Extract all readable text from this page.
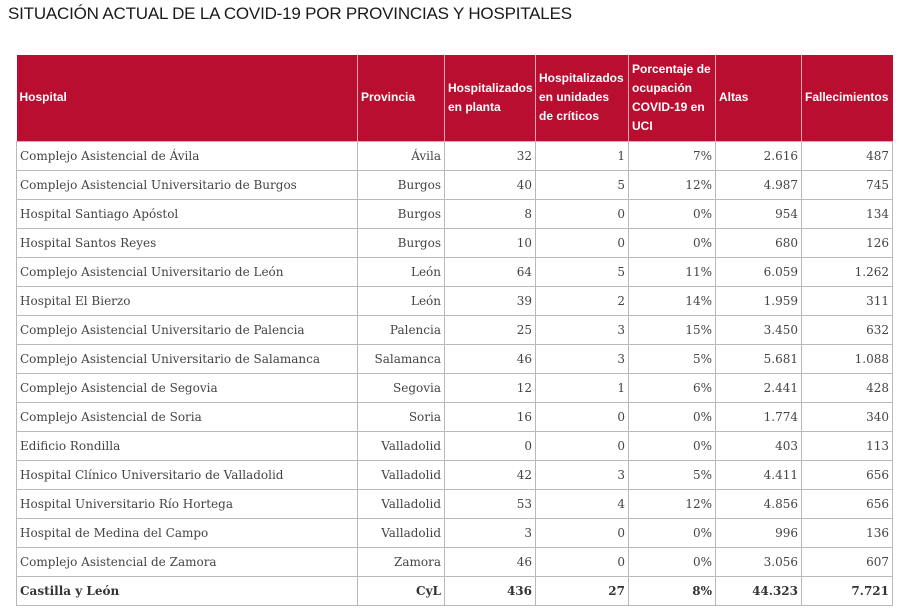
SITUACIÓN ACTUAL DE LA COVID-19 POR PROVINCIAS Y HOSPITALES
Hospital	Provincia	Hospitalizados en planta	Hospitalizados en unidades de críticos	Porcentaje de ocupación COVID-19 en UCI	Altas	Fallecimientos
Complejo Asistencial de Ávila	Ávila	32	1	7%	2.616	487
Complejo Asistencial Universitario de Burgos	Burgos	40	5	12%	4.987	745
Hospital Santiago Apóstol	Burgos	8	0	0%	954	134
Hospital Santos Reyes	Burgos	10	0	0%	680	126
Complejo Asistencial Universitario de León	León	64	5	11%	6.059	1.262
Hospital El Bierzo	León	39	2	14%	1.959	311
Complejo Asistencial Universitario de Palencia	Palencia	25	3	15%	3.450	632
Complejo Asistencial Universitario de Salamanca	Salamanca	46	3	5%	5.681	1.088
Complejo Asistencial de Segovia	Segovia	12	1	6%	2.441	428
Complejo Asistencial de Soria	Soria	16	0	0%	1.774	340
Edificio Rondilla	Valladolid	0	0	0%	403	113
Hospital Clínico Universitario de Valladolid	Valladolid	42	3	5%	4.411	656
Hospital Universitario Río Hortega	Valladolid	53	4	12%	4.856	656
Hospital de Medina del Campo	Valladolid	3	0	0%	996	136
Complejo Asistencial de Zamora	Zamora	46	0	0%	3.056	607
Castilla y León	CyL	436	27	8%	44.323	7.721
